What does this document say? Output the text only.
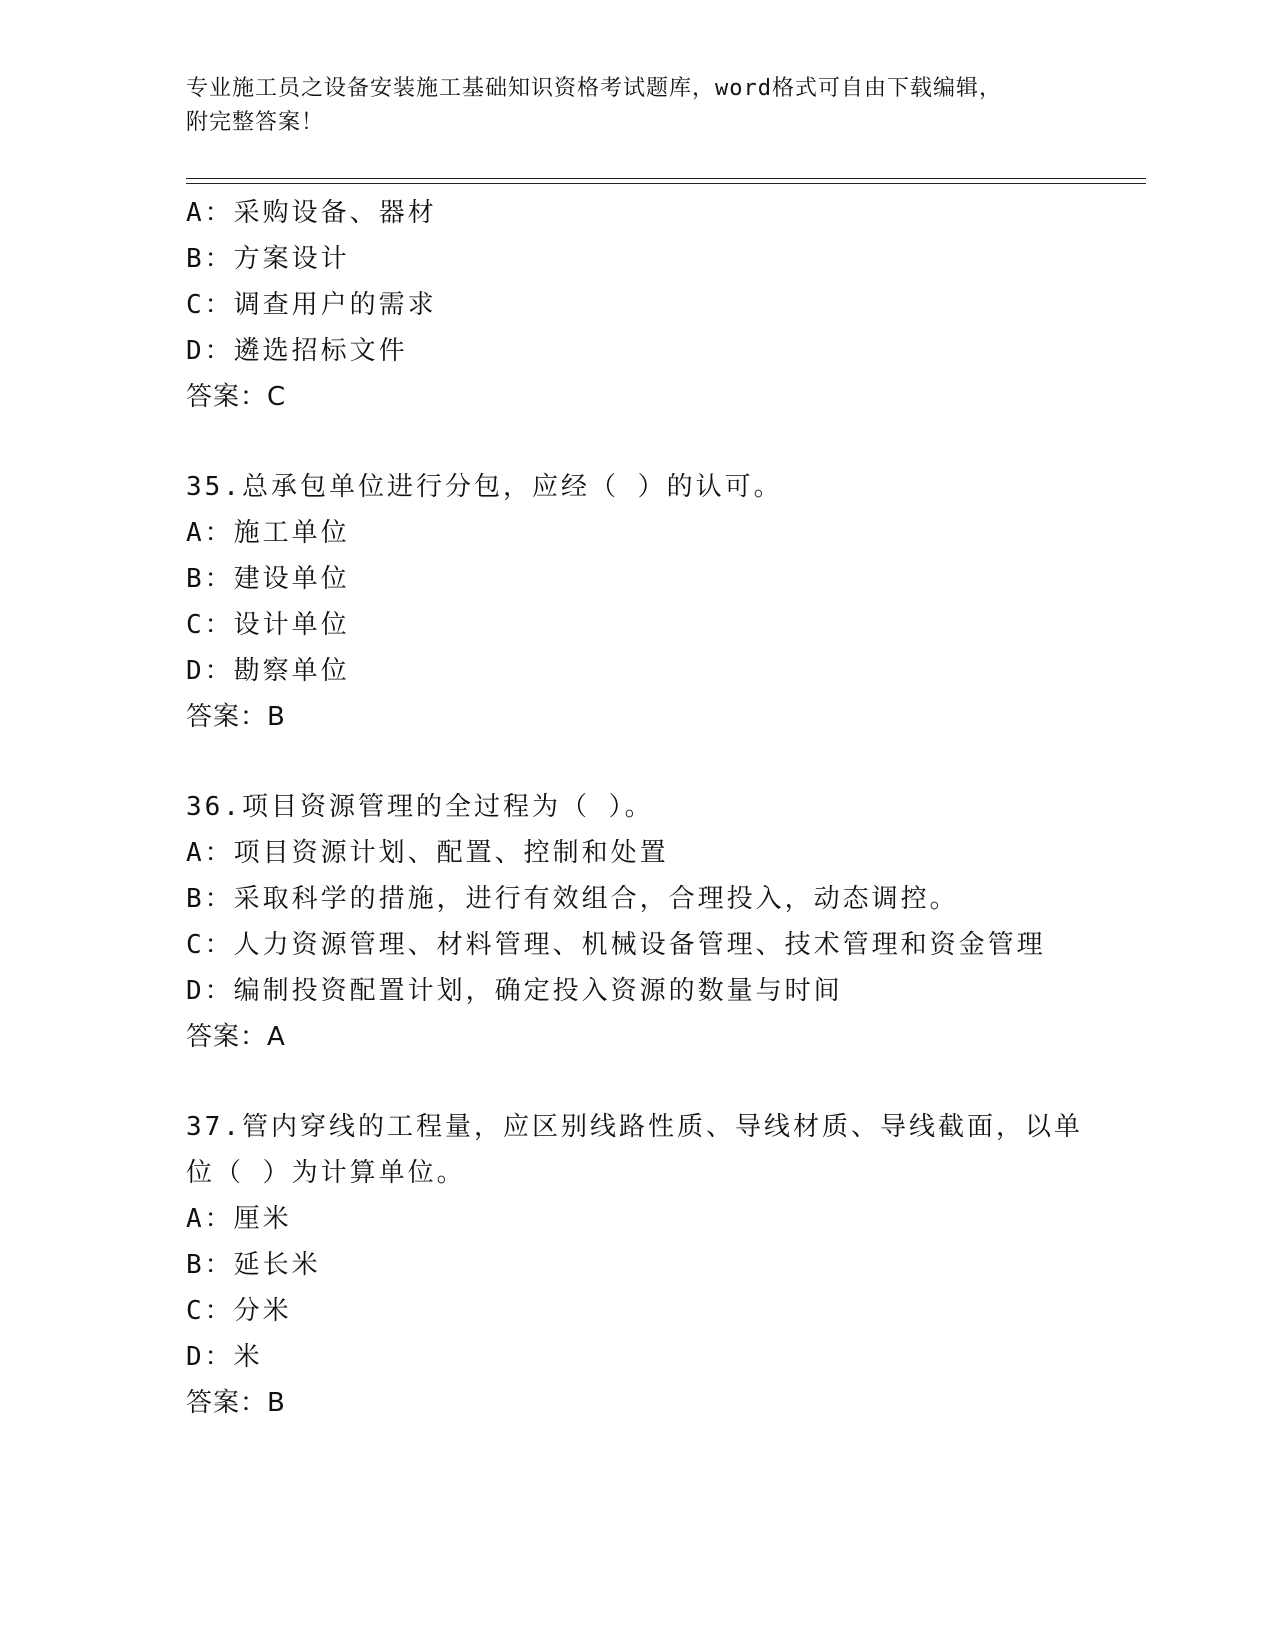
专业施工员之设备安装施工基础知识资格考试题库，word格式可自由下载编辑，
附完整答案！
A：采购设备、器材
B：方案设计
C：调查用户的需求
D：遴选招标文件
答案：C
35.总承包单位进行分包，应经（ ）的认可。
A：施工单位
B：建设单位
C：设计单位
D：勘察单位
答案：B
36.项目资源管理的全过程为（ ）。
A：项目资源计划、配置、控制和处置
B：采取科学的措施，进行有效组合，合理投入，动态调控。
C：人力资源管理、材料管理、机械设备管理、技术管理和资金管理
D：编制投资配置计划，确定投入资源的数量与时间
答案：A
37.管内穿线的工程量，应区别线路性质、导线材质、导线截面，以单
位（ ）为计算单位。
A：厘米
B：延长米
C：分米
D：米
答案：B
